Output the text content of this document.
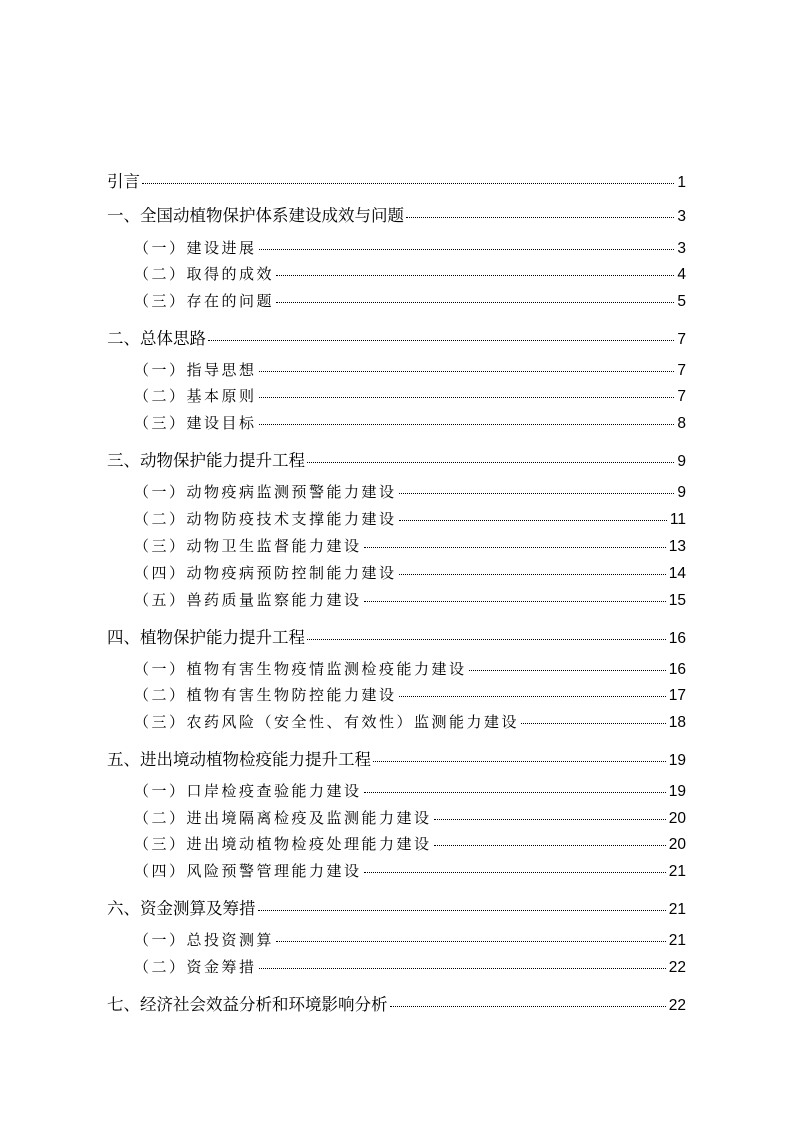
引言	1
一、全国动植物保护体系建设成效与问题	3
（一）建设进展	3
（二）取得的成效	4
（三）存在的问题	5
二、总体思路	7
（一）指导思想	7
（二）基本原则	7
（三）建设目标	8
三、动物保护能力提升工程	9
（一）动物疫病监测预警能力建设	9
（二）动物防疫技术支撑能力建设	11
（三）动物卫生监督能力建设	13
（四）动物疫病预防控制能力建设	14
（五）兽药质量监察能力建设	15
四、植物保护能力提升工程	16
（一）植物有害生物疫情监测检疫能力建设	16
（二）植物有害生物防控能力建设	17
（三）农药风险（安全性、有效性）监测能力建设	18
五、进出境动植物检疫能力提升工程	19
（一）口岸检疫查验能力建设	19
（二）进出境隔离检疫及监测能力建设	20
（三）进出境动植物检疫处理能力建设	20
（四）风险预警管理能力建设	21
六、资金测算及筹措	21
（一）总投资测算	21
（二）资金筹措	22
七、经济社会效益分析和环境影响分析	22
